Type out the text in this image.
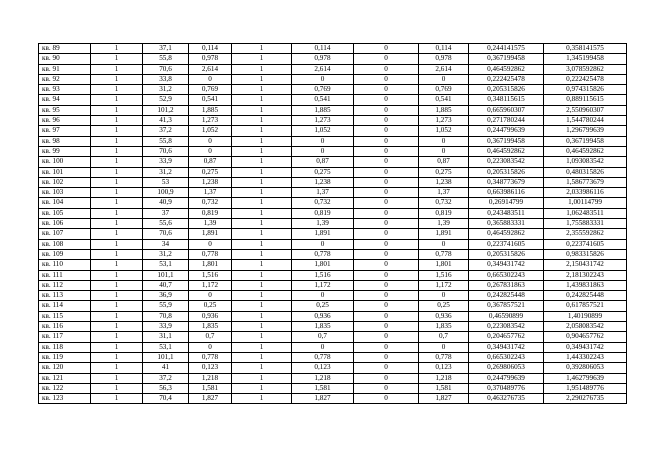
кв. 89	1	37,1	0,114	1	0,114	0	0,114	0,244141575	0,358141575
кв. 90	1	55,8	0,978	1	0,978	0	0,978	0,367199458	1,345199458
кв. 91	1	70,6	2,614	1	2,614	0	2,614	0,464592862	3,078592862
кв. 92	1	33,8	0	1	0	0	0	0,222425478	0,222425478
кв. 93	1	31,2	0,769	1	0,769	0	0,769	0,205315826	0,974315826
кв. 94	1	52,9	0,541	1	0,541	0	0,541	0,348115615	0,889115615
кв. 95	1	101,2	1,885	1	1,885	0	1,885	0,665960307	2,550960307
кв. 96	1	41,3	1,273	1	1,273	0	1,273	0,271780244	1,544780244
кв. 97	1	37,2	1,052	1	1,052	0	1,052	0,244799639	1,296799639
кв. 98	1	55,8	0	1	0	0	0	0,367199458	0,367199458
кв. 99	1	70,6	0	1	0	0	0	0,464592862	0,464592862
кв. 100	1	33,9	0,87	1	0,87	0	0,87	0,223083542	1,093083542
кв. 101	1	31,2	0,275	1	0,275	0	0,275	0,205315826	0,480315826
кв. 102	1	53	1,238	1	1,238	0	1,238	0,348773679	1,586773679
кв. 103	1	100,9	1,37	1	1,37	0	1,37	0,663986116	2,033986116
кв. 104	1	40,9	0,732	1	0,732	0	0,732	0,26914799	1,00114799
кв. 105	1	37	0,819	1	0,819	0	0,819	0,243483511	1,062483511
кв. 106	1	55,6	1,39	1	1,39	0	1,39	0,365883331	1,755883331
кв. 107	1	70,6	1,891	1	1,891	0	1,891	0,464592862	2,355592862
кв. 108	1	34	0	1	0	0	0	0,223741605	0,223741605
кв. 109	1	31,2	0,778	1	0,778	0	0,778	0,205315826	0,983315826
кв. 110	1	53,1	1,801	1	1,801	0	1,801	0,349431742	2,150431742
кв. 111	1	101,1	1,516	1	1,516	0	1,516	0,665302243	2,181302243
кв. 112	1	40,7	1,172	1	1,172	0	1,172	0,267831863	1,439831863
кв. 113	1	36,9	0	1	0	0	0	0,242825448	0,242825448
кв. 114	1	55,9	0,25	1	0,25	0	0,25	0,367857521	0,617857521
кв. 115	1	70,8	0,936	1	0,936	0	0,936	0,46590899	1,40190899
кв. 116	1	33,9	1,835	1	1,835	0	1,835	0,223083542	2,058083542
кв. 117	1	31,1	0,7	1	0,7	0	0,7	0,204657762	0,904657762
кв. 118	1	53,1	0	1	0	0	0	0,349431742	0,349431742
кв. 119	1	101,1	0,778	1	0,778	0	0,778	0,665302243	1,443302243
кв. 120	1	41	0,123	1	0,123	0	0,123	0,269806053	0,392806053
кв. 121	1	37,2	1,218	1	1,218	0	1,218	0,244799639	1,462799639
кв. 122	1	56,3	1,581	1	1,581	0	1,581	0,370489776	1,951489776
кв. 123	1	70,4	1,827	1	1,827	0	1,827	0,463276735	2,290276735
